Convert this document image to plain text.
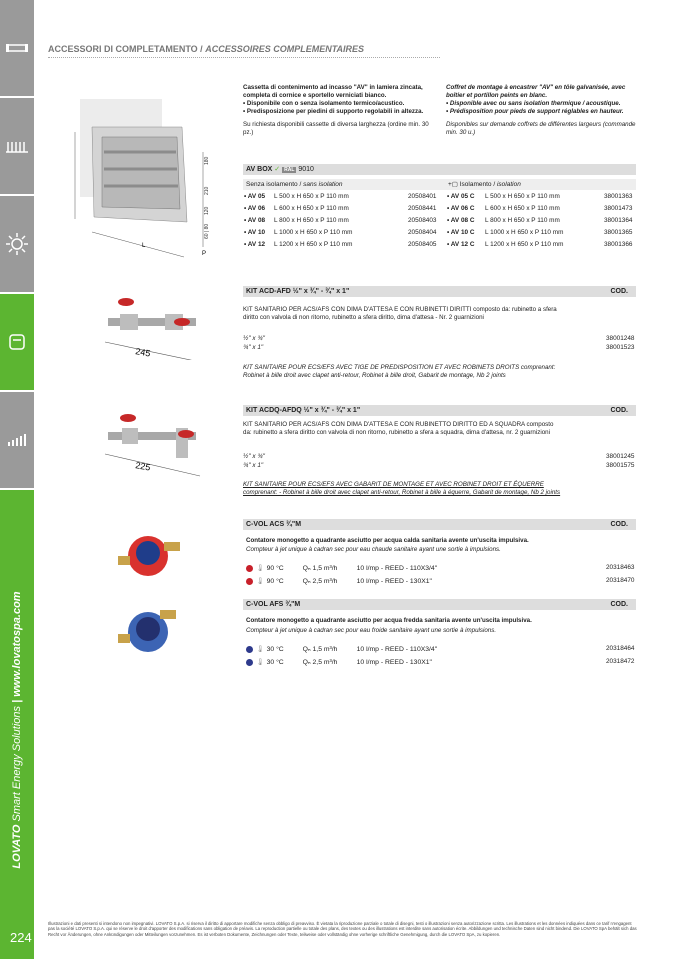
LOVATO Smart Energy Solutions | www.lovatospa.com
224
ACCESSORI DI COMPLETAMENTO / ACCESSOIRES COMPLEMENTAIRES
L
P
180
210
120
60 | 80
Cassetta di contenimento ad incasso "AV" in lamiera zincata, completa di cornice e sportello verniciati bianco.
• Disponibile con o senza isolamento termico/acustico.
• Predisposizione per piedini di supporto regolabili in altezza.

Su richiesta disponibili cassette di diversa larghezza (ordine min. 30 pz.)
Coffret de montage à encastrer "AV" en tôle galvanisée, avec boîtier et portillon peints en blanc.
• Disponible avec ou sans isolation thermique / acoustique.
• Prédisposition pour pieds de support réglables en hauteur.

Disponibles sur demande coffrets de différentes largeurs (commande min. 30 u.)
AV BOX ✓ RAL 9010
Senza isolamento / sans isolation	+▢ Isolamento / isolation
• AV 05 L 500 x H 650 x P 110 mm	20508401
• AV 06 L 600 x H 650 x P 110 mm	20508441
• AV 08 L 800 x H 650 x P 110 mm	20508403
• AV 10 L 1000 x H 650 x P 110 mm	20508404
• AV 12 L 1200 x H 650 x P 110 mm	20508405
• AV 05 C L 500 x H 650 x P 110 mm	38001363
• AV 06 C L 600 x H 650 x P 110 mm	38001473
• AV 08 C L 800 x H 650 x P 110 mm	38001364
• AV 10 C L 1000 x H 650 x P 110 mm	38001365
• AV 12 C L 1200 x H 650 x P 110 mm	38001366
245
KIT ACD-AFD ½" x ¾" - ¾" x 1"	COD.
KIT SANITARIO PER ACS/AFS CON DIMA D'ATTESA E CON RUBINETTI DIRITTI composto da: rubinetto a sfera diritto con valvola di non ritorno, rubinetto a sfera diritto, dima d'attesa - Nr. 2 guarnizioni
½" x ¾"	38001248
¾" x 1"	38001523
KIT SANITAIRE POUR ECS/EFS AVEC TIGE DE PREDISPOSITION ET AVEC ROBINETS DROITS comprenant: Robinet à bille droit avec clapet anti-retour, Robinet à bille droit, Gabarit de montage, Nb 2 joints
225
KIT ACDQ-AFDQ ½" x ¾" - ¾" x 1"	COD.
KIT SANITARIO PER ACS/AFS CON DIMA D'ATTESA E CON RUBINETTO DIRITTO ED A SQUADRA composto da: rubinetto a sfera diritto con valvola di non ritorno, rubinetto a sfera a squadra, dima d'attesa, nr. 2 guarnizioni
½" x ¾"	38001245
¾" x 1"	38001575
KIT SANITAIRE POUR ECS/EFS AVEC GABARIT DE MONTAGE ET AVEC ROBINET DROIT ET ÉQUERRE comprenant: - Robinet à bille droit avec clapet anti-retour, Robinet à bille à équerre, Gabarit de montage, Nb 2 joints
C-VOL ACS ¾"M	COD.
Contatore monogetto a quadrante asciutto per acqua calda sanitaria avente un'uscita impulsiva.
Compteur à jet unique à cadran sec pour eau chaude sanitaire ayant une sortie à impulsions.
🌡 90 °C	Qₙ 1,5 m³/h	10 l/mp - REED - 110X3/4"	20318463
🌡 90 °C	Qₙ 2,5 m³/h	10 l/mp - REED - 130X1"	20318470
C-VOL AFS ¾"M	COD.
Contatore monogetto a quadrante asciutto per acqua fredda sanitaria avente un'uscita impulsiva.
Compteur à jet unique à cadran sec pour eau froide sanitaire ayant une sortie à impulsions.
🌡 30 °C	Qₙ 1,5 m³/h	10 l/mp - REED - 110X3/4"	20318464
🌡 30 °C	Qₙ 2,5 m³/h	10 l/mp - REED - 130X1"	20318472
Illustrazioni e dati presenti si intendono non impegnativi. LOVATO S.p.A. si riserva il diritto di apportare modifiche senza obbligo di preavviso. È vietata la riproduzione parziale o totale di disegni, testi o illustrazioni senza autorizzazione scritta. Les illustrations et les données indiquées dans ce tarif n'engagent pas la société LOVATO S.p.A. qui se réserve le droit d'apporter des modifications sans obligation de préavis. La reproduction partielle ou totale des plans, des textes ou des illustrations est interdite sans autorisation écrite. Abbildungen und technische Daten sind nicht bindend. Die LOVATO SpA behält sich das Recht vor Änderungen, ohne Ankündigungen oder Mitteilungen vorzunehmen. Es ist verboten Dokumente, Zeichnungen oder Texte, teilweise oder vollständig ohne vorherige schriftliche Genehmigung, durch die LOVATO SpA, zu kopieren.
